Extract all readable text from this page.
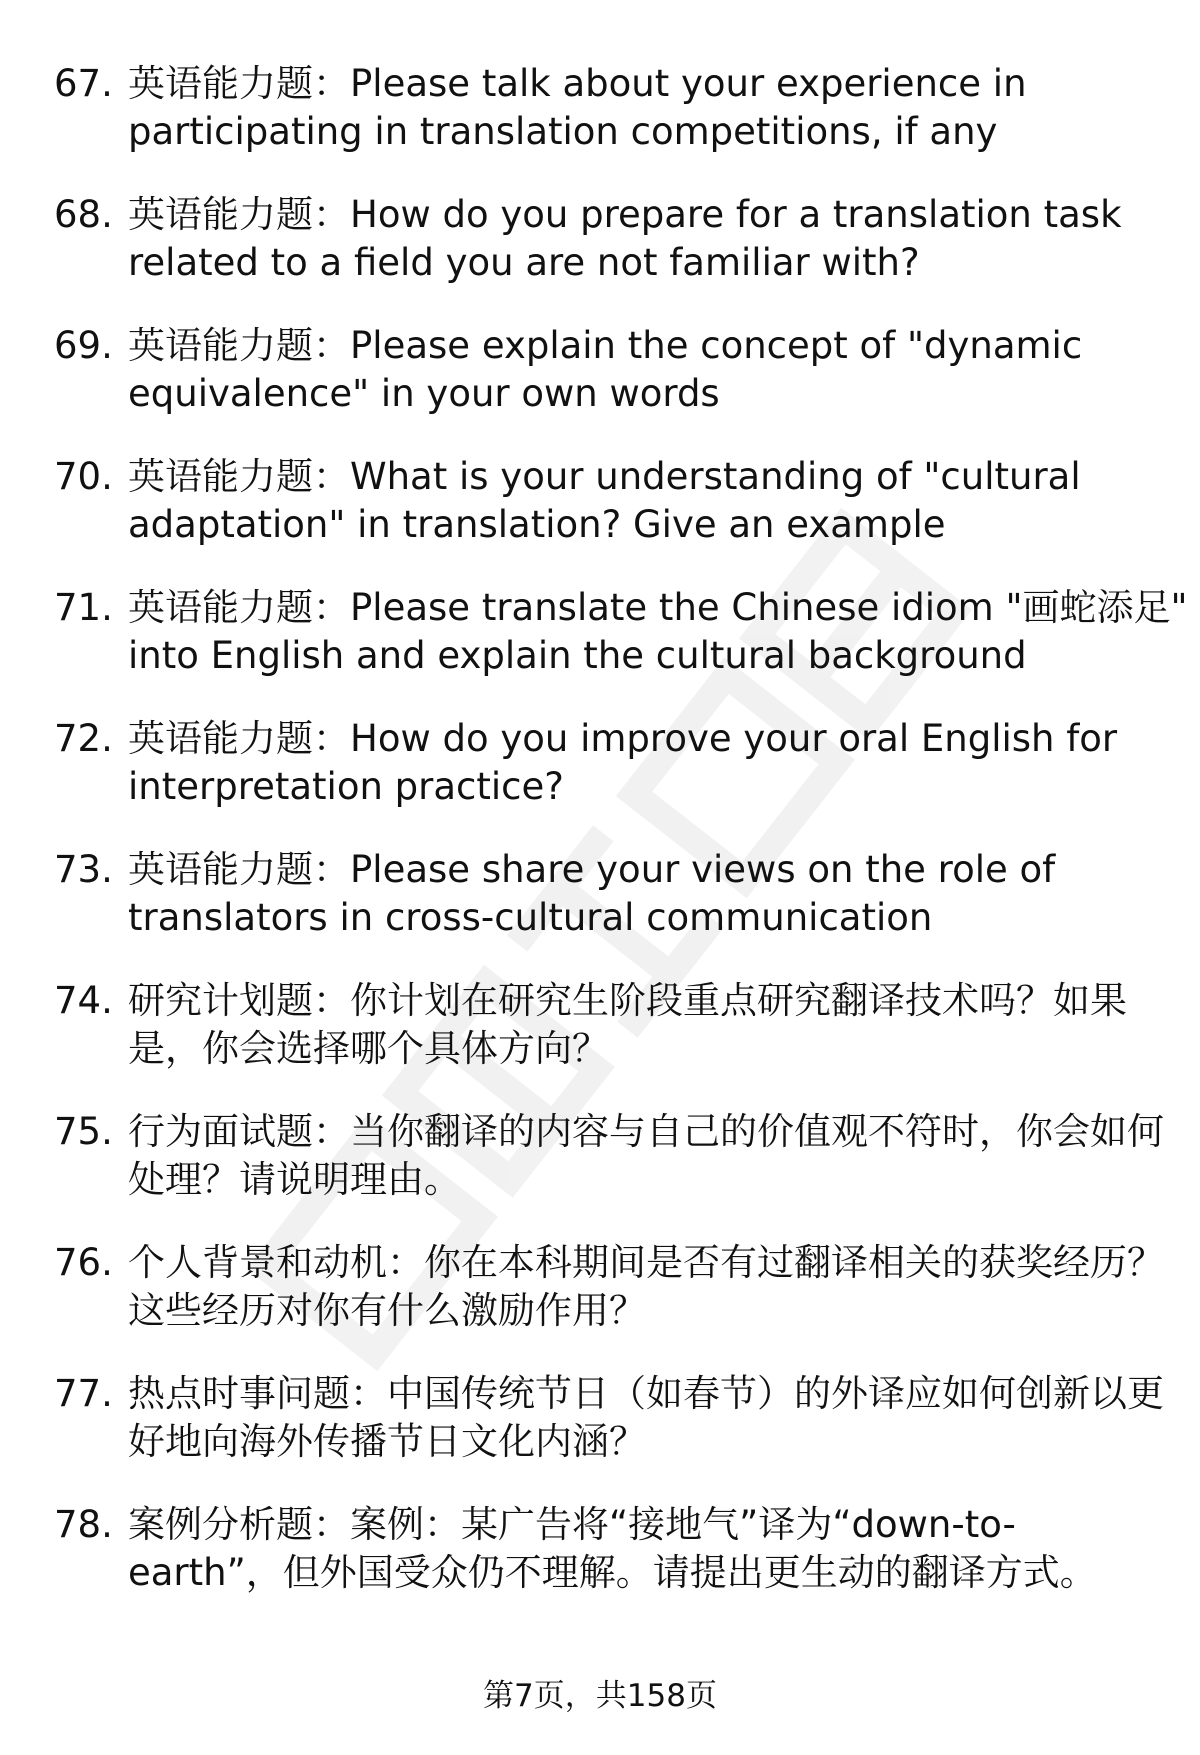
67. 英语能力题：Please talk about your experience in
participating in translation competitions, if any
68. 英语能力题：How do you prepare for a translation task
related to a field you are not familiar with?
69. 英语能力题：Please explain the concept of "dynamic
equivalence" in your own words
70. 英语能力题：What is your understanding of "cultural
adaptation" in translation? Give an example
71. 英语能力题：Please translate the Chinese idiom "画蛇添足"
into English and explain the cultural background
72. 英语能力题：How do you improve your oral English for
interpretation practice?
73. 英语能力题：Please share your views on the role of
translators in cross-cultural communication
74. 研究计划题：你计划在研究生阶段重点研究翻译技术吗？如果
是，你会选择哪个具体方向？
75. 行为面试题：当你翻译的内容与自己的价值观不符时，你会如何
处理？请说明理由。
76. 个人背景和动机：你在本科期间是否有过翻译相关的获奖经历？
这些经历对你有什么激励作用？
77. 热点时事问题：中国传统节日（如春节）的外译应如何创新以更
好地向海外传播节日文化内涵？
78. 案例分析题：案例：某广告将“接地气”译为“down-to-
earth”，但外国受众仍不理解。请提出更生动的翻译方式。
第7页，共158页
